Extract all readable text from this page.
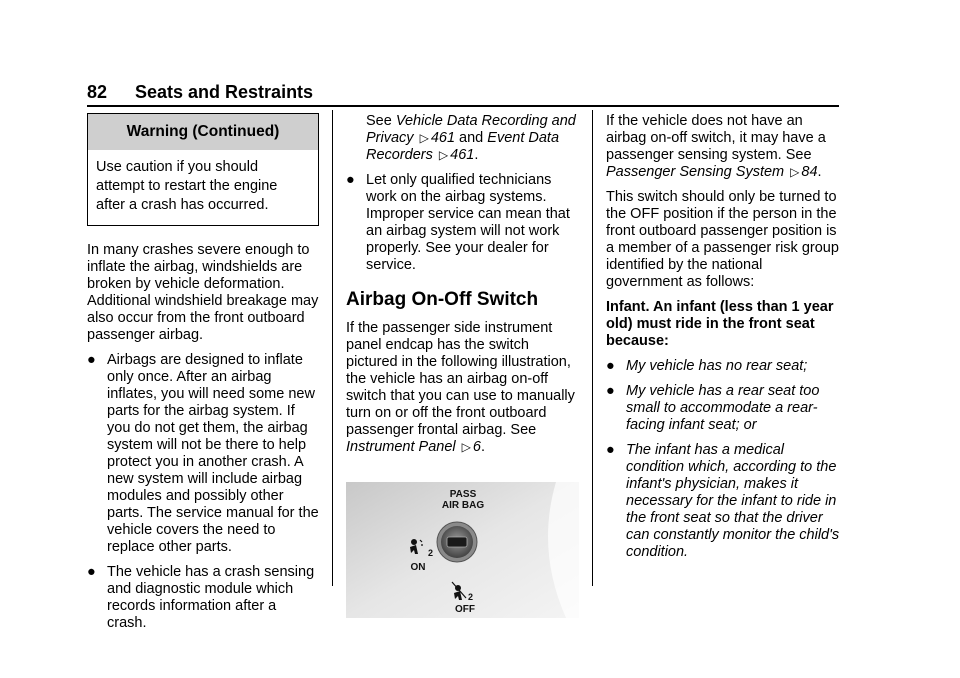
82 Seats and Restraints
Warning (Continued)
Use caution if you should attempt to restart the engine after a crash has occurred.

In many crashes severe enough to inflate the airbag, windshields are broken by vehicle deformation. Additional windshield breakage may also occur from the front outboard passenger airbag.

● Airbags are designed to inflate only once. After an airbag inflates, you will need some new parts for the airbag system. If you do not get them, the airbag system will not be there to help protect you in another crash. A new system will include airbag modules and possibly other parts. The service manual for the vehicle covers the need to replace other parts.
● The vehicle has a crash sensing and diagnostic module which records information after a crash.
See Vehicle Data Recording and Privacy ▷ 461 and Event Data Recorders ▷ 461.
● Let only qualified technicians work on the airbag systems. Improper service can mean that an airbag system will not work properly. See your dealer for service.
Airbag On-Off Switch

If the passenger side instrument panel endcap has the switch pictured in the following illustration, the vehicle has an airbag on-off switch that you can use to manually turn on or off the front outboard passenger frontal airbag. See Instrument Panel ▷ 6.

PASS
AIR BAG
2
ON
2
OFF

If the vehicle does not have an airbag on-off switch, it may have a passenger sensing system. See Passenger Sensing System ▷ 84.

This switch should only be turned to the OFF position if the person in the front outboard passenger position is a member of a passenger risk group identified by the national government as follows:

Infant. An infant (less than 1 year old) must ride in the front seat because:

● My vehicle has no rear seat;
● My vehicle has a rear seat too small to accommodate a rear-facing infant seat; or
● The infant has a medical condition which, according to the infant's physician, makes it necessary for the infant to ride in the front seat so that the driver can constantly monitor the child's condition.
